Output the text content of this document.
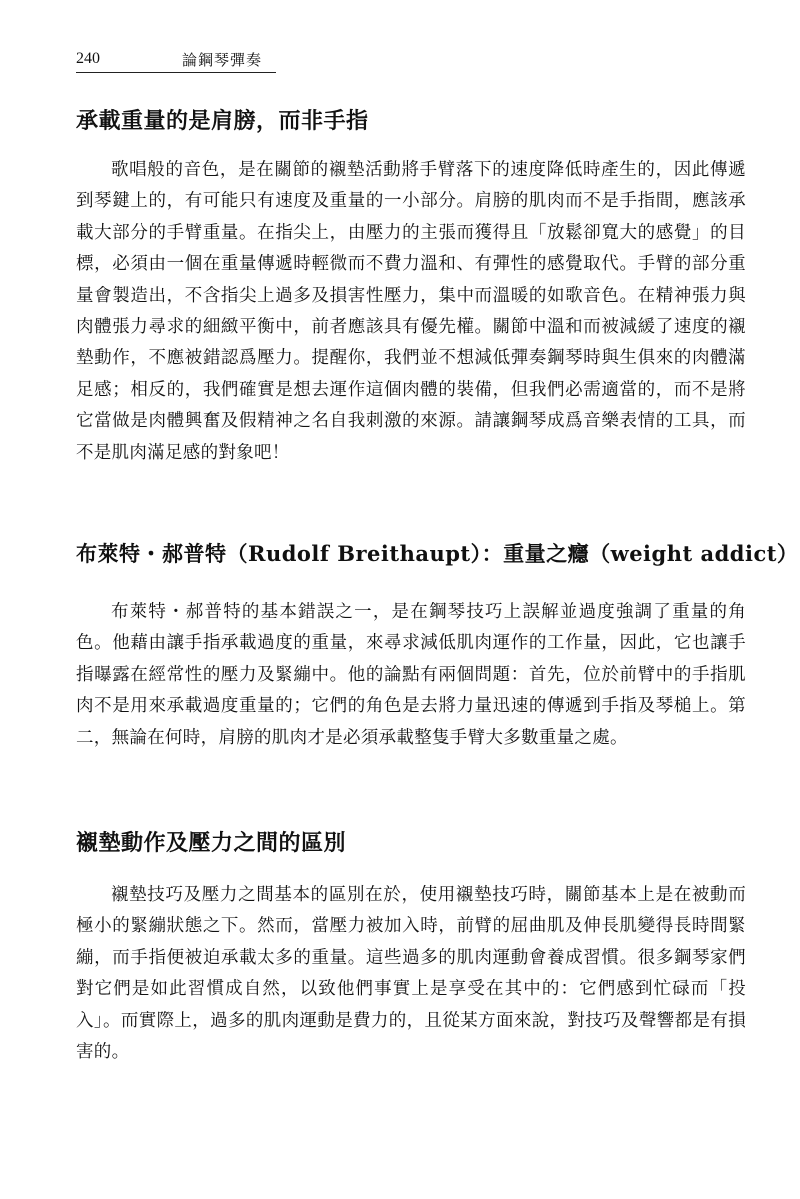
240	論鋼琴彈奏
承載重量的是肩膀，而非手指

歌唱般的音色，是在關節的襯墊活動將手臂落下的速度降低時產生的，因此傳遞到琴鍵上的，有可能只有速度及重量的一小部分。肩膀的肌肉而不是手指間，應該承載大部分的手臂重量。在指尖上，由壓力的主張而獲得且「放鬆卻寬大的感覺」的目標，必須由一個在重量傳遞時輕微而不費力溫和、有彈性的感覺取代。手臂的部分重量會製造出，不含指尖上過多及損害性壓力，集中而溫暖的如歌音色。在精神張力與肉體張力尋求的細緻平衡中，前者應該具有優先權。關節中溫和而被減緩了速度的襯墊動作，不應被錯認爲壓力。提醒你，我們並不想減低彈奏鋼琴時與生俱來的肉體滿足感；相反的，我們確實是想去運作這個肉體的裝備，但我們必需適當的，而不是將它當做是肉體興奮及假精神之名自我刺激的來源。請讓鋼琴成爲音樂表情的工具，而不是肌肉滿足感的對象吧！

布萊特・郝普特（Rudolf Breithaupt）：重量之癮（weight addict）

布萊特・郝普特的基本錯誤之一，是在鋼琴技巧上誤解並過度強調了重量的角色。他藉由讓手指承載過度的重量，來尋求減低肌肉運作的工作量，因此，它也讓手指曝露在經常性的壓力及緊繃中。他的論點有兩個問題：首先，位於前臂中的手指肌肉不是用來承載過度重量的；它們的角色是去將力量迅速的傳遞到手指及琴槌上。第二，無論在何時，肩膀的肌肉才是必須承載整隻手臂大多數重量之處。

襯墊動作及壓力之間的區別

襯墊技巧及壓力之間基本的區別在於，使用襯墊技巧時，關節基本上是在被動而極小的緊繃狀態之下。然而，當壓力被加入時，前臂的屈曲肌及伸長肌變得長時間緊繃，而手指便被迫承載太多的重量。這些過多的肌肉運動會養成習慣。很多鋼琴家們對它們是如此習慣成自然，以致他們事實上是享受在其中的：它們感到忙碌而「投入」。而實際上，過多的肌肉運動是費力的，且從某方面來說，對技巧及聲響都是有損害的。
